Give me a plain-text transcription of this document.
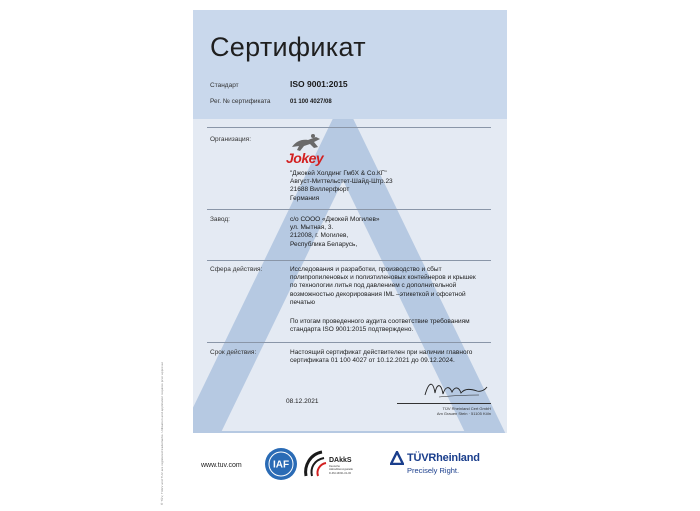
® TÜV, TUEV and TUV are registered trademarks. Utilisation and application requires prior approval.
Сертификат
Стандарт	ISO 9001:2015
Рег. № сертификата	01 100 4027/08
Организация:
Jokey
"Джокей Холдинг ГмбХ & Со.КГ"
Август-Миттельстет-Шайд-Штр.23
21688 Виллерфюрт
Германия
Завод:	с/о СООО «Джокей Могилев»
ул. Мытная, 3.
212008, г. Могилев,
Республика Беларусь,
Сфера действия:	Исследования и разработки, производство и сбыт
полипропиленовых и полиэтиленовых контейнеров и крышек
по технологии литья под давлением с дополнительной
возможностью декорирования IML –этикеткой и офсетной
печатью
По итогам проведенного аудита соответствие требованиям
стандарта ISO 9001:2015 подтверждено.
Срок действия:	Настоящий сертификат действителен при наличии главного
сертификата 01 100 4027 от 10.12.2021 до 09.12.2024.
08.12.2021
TÜV Rheinland Cert GmbH
Am Grauen Stein · 51105 Köln
www.tuv.com	IAF	DAkkS
Deutsche
Akkreditierungsstelle
D-ZM-16031-01-00
TÜVRheinland
Precisely Right.
